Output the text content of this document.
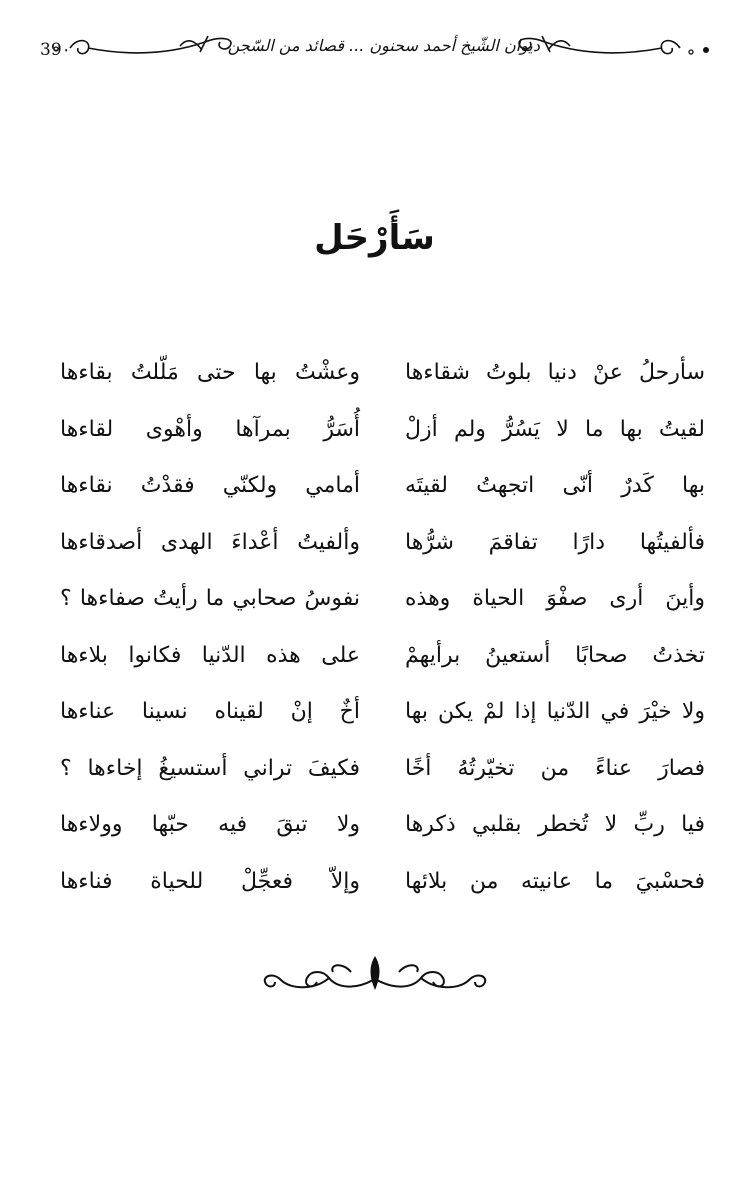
39٠	ديوان الشّيخ أحمد سحنون ... قصائد من السّجن
سَأَرْحَل
سأرحلُ عنْ دنيا بلوتُ شقاءها
وعشْتُ بها حتى مَلّلتُ بقاءها
لقيتُ بها ما لا يَسُرُّ ولم أزلْ
أُسَرُّ بمرآها وأهْوى لقاءها
بها كَدرٌ أنّى اتجهتُ لقيتَه
أمامي ولكنّي فقدْتُ نقاءها
فألفيتُها دارًا تفاقمَ شرُّها
وألفيتُ أعْداءَ الهدى أصدقاءها
وأينَ أرى صفْوَ الحياة وهذه
نفوسُ صحابي ما رأيتُ صفاءها ؟
تخذتُ صحابًا أستعينُ برأيهمْ
على هذه الدّنيا فكانوا بلاءها
ولا خيْرَ في الدّنيا إذا لمْ يكن بها
أخٌ إنْ لقيناه نسينا عناءها
فصارَ عناءً من تخيّرتُهُ أخًا
فكيفَ تراني أستسيغُ إخاءها ؟
فيا ربِّ لا تُخطر بقلبي ذكرها
ولا تبقَ فيه حبّها وولاءها
فحسْبيَ ما عانيته من بلائها
وإلاّ فعجِّلْ للحياة فناءها
